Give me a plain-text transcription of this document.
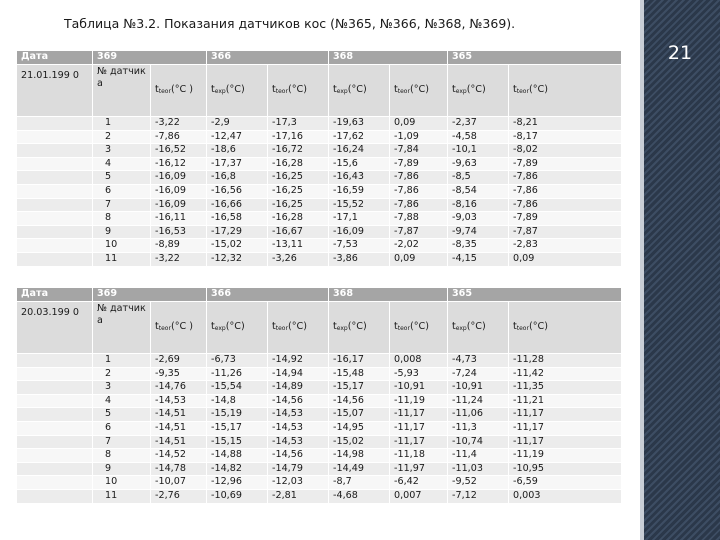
Таблица №3.2. Показания датчиков кос (№365, №366, №368, №369).
21
Дата	369		366		368		365		
21.01.199 0	№ датчик а	$t_{teor}(^\circ C$ )	$t_{exp}(^\circ C)$	$t_{teor}(^\circ C)$	$t_{exp}(^\circ C)$	$t_{teor}(^\circ C)$	$t_{exp}(^\circ C)$	$t_{teor}(^\circ C)$	
	1	-3,22	-2,9	-17,3	-19,63	0,09	-2,37	-8,21	
	2	-7,86	-12,47	-17,16	-17,62	-1,09	-4,58	-8,17	
	3	-16,52	-18,6	-16,72	-16,24	-7,84	-10,1	-8,02	
	4	-16,12	-17,37	-16,28	-15,6	-7,89	-9,63	-7,89	
	5	-16,09	-16,8	-16,25	-16,43	-7,86	-8,5	-7,86	
	6	-16,09	-16,56	-16,25	-16,59	-7,86	-8,54	-7,86	
	7	-16,09	-16,66	-16,25	-15,52	-7,86	-8,16	-7,86	
	8	-16,11	-16,58	-16,28	-17,1	-7,88	-9,03	-7,89	
	9	-16,53	-17,29	-16,67	-16,09	-7,87	-9,74	-7,87	
	10	-8,89	-15,02	-13,11	-7,53	-2,02	-8,35	-2,83	
	11	-3,22	-12,32	-3,26	-3,86	0,09	-4,15	0,09	
Дата	369		366		368		365		
20.03.199 0	№ датчик а	$t_{teor}(^\circ C$ )	$t_{exp}(^\circ C)$	$t_{teor}(^\circ C)$	$t_{exp}(^\circ C)$	$t_{teor}(^\circ C)$	$t_{exp}(^\circ C)$	$t_{teor}(^\circ C)$	
	1	-2,69	-6,73	-14,92	-16,17	0,008	-4,73	-11,28	
	2	-9,35	-11,26	-14,94	-15,48	-5,93	-7,24	-11,42	
	3	-14,76	-15,54	-14,89	-15,17	-10,91	-10,91	-11,35	
	4	-14,53	-14,8	-14,56	-14,56	-11,19	-11,24	-11,21	
	5	-14,51	-15,19	-14,53	-15,07	-11,17	-11,06	-11,17	
	6	-14,51	-15,17	-14,53	-14,95	-11,17	-11,3	-11,17	
	7	-14,51	-15,15	-14,53	-15,02	-11,17	-10,74	-11,17	
	8	-14,52	-14,88	-14,56	-14,98	-11,18	-11,4	-11,19	
	9	-14,78	-14,82	-14,79	-14,49	-11,97	-11,03	-10,95	
	10	-10,07	-12,96	-12,03	-8,7	-6,42	-9,52	-6,59	
	11	-2,76	-10,69	-2,81	-4,68	0,007	-7,12	0,003	
